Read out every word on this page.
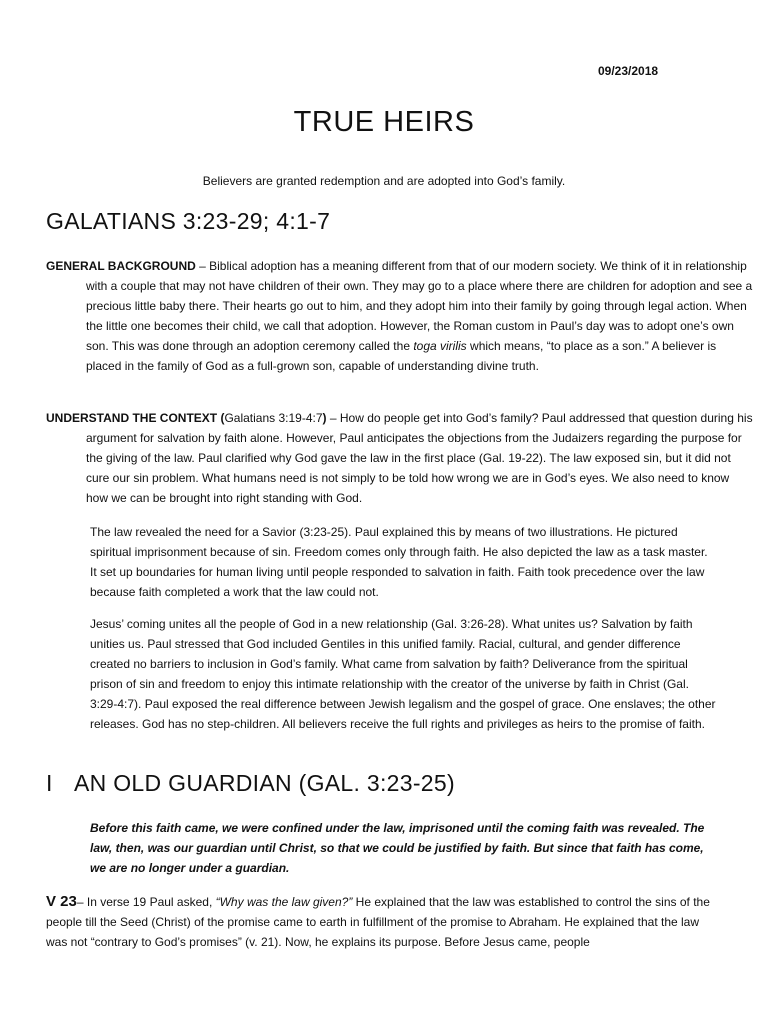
09/23/2018
TRUE HEIRS
Believers are granted redemption and are adopted into God’s family.
GALATIANS 3:23-29; 4:1-7

GENERAL BACKGROUND – Biblical adoption has a meaning different from that of our modern society. We think of it in relationship with a couple that may not have children of their own. They may go to a place where there are children for adoption and see a precious little baby there. Their hearts go out to him, and they adopt him into their family by going through legal action. When the little one becomes their child, we call that adoption. However, the Roman custom in Paul’s day was to adopt one’s own son. This was done through an adoption ceremony called the toga virilis which means, “to place as a son.” A believer is placed in the family of God as a full-grown son, capable of understanding divine truth.

UNDERSTAND THE CONTEXT (Galatians 3:19-4:7) – How do people get into God’s family? Paul addressed that question during his argument for salvation by faith alone. However, Paul anticipates the objections from the Judaizers regarding the purpose for the giving of the law. Paul clarified why God gave the law in the first place (Gal. 19-22). The law exposed sin, but it did not cure our sin problem. What humans need is not simply to be told how wrong we are in God’s eyes. We also need to know how we can be brought into right standing with God.

The law revealed the need for a Savior (3:23-25). Paul explained this by means of two illustrations. He pictured spiritual imprisonment because of sin. Freedom comes only through faith. He also depicted the law as a task master. It set up boundaries for human living until people responded to salvation in faith. Faith took precedence over the law because faith completed a work that the law could not.

Jesus’ coming unites all the people of God in a new relationship (Gal. 3:26-28). What unites us? Salvation by faith unities us. Paul stressed that God included Gentiles in this unified family. Racial, cultural, and gender difference created no barriers to inclusion in God’s family. What came from salvation by faith? Deliverance from the spiritual prison of sin and freedom to enjoy this intimate relationship with the creator of the universe by faith in Christ (Gal. 3:29-4:7). Paul exposed the real difference between Jewish legalism and the gospel of grace. One enslaves; the other releases. God has no step-children. All believers receive the full rights and privileges as heirs to the promise of faith.

I AN OLD GUARDIAN (GAL. 3:23-25)

Before this faith came, we were confined under the law, imprisoned until the coming faith was revealed. The law, then, was our guardian until Christ, so that we could be justified by faith. But since that faith has come, we are no longer under a guardian.

V 23– In verse 19 Paul asked, “Why was the law given?” He explained that the law was established to control the sins of the people till the Seed (Christ) of the promise came to earth in fulfillment of the promise to Abraham. He explained that the law was not “contrary to God’s promises” (v. 21). Now, he explains its purpose. Before Jesus came, people
